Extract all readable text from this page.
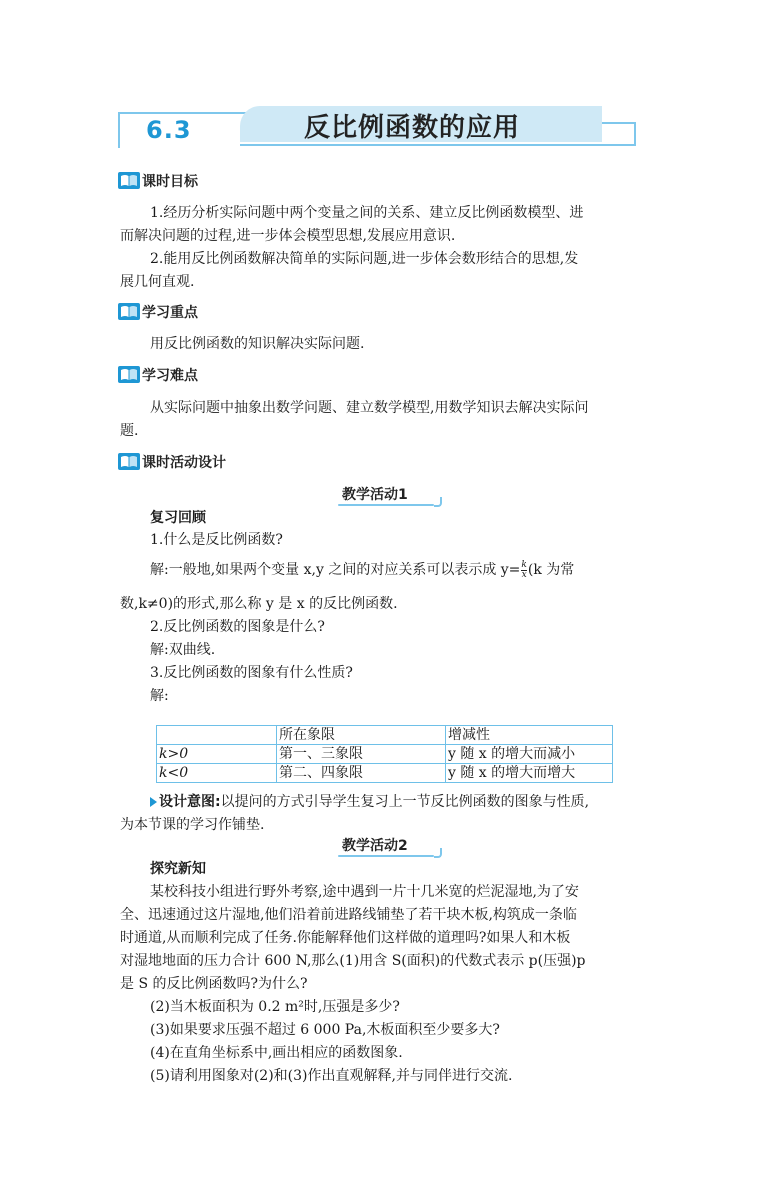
6.3	反比例函数的应用
课时目标
1.经历分析实际问题中两个变量之间的关系、建立反比例函数模型、进
而解决问题的过程,进一步体会模型思想,发展应用意识.
2.能用反比例函数解决简单的实际问题,进一步体会数形结合的思想,发
展几何直观.
学习重点
用反比例函数的知识解决实际问题.
学习难点
从实际问题中抽象出数学问题、建立数学模型,用数学知识去解决实际问
题.
课时活动设计
教学活动1
复习回顾
1.什么是反比例函数?
解:一般地,如果两个变量 x,y 之间的对应关系可以表示成 $y= \frac{k}{x} (k$ 为常
数,k≠0)的形式,那么称 y 是 x 的反比例函数.
2.反比例函数的图象是什么?
解:双曲线.
3.反比例函数的图象有什么性质?
解:
	所在象限	增减性
k>0	第一、三象限	y 随 x 的增大而减小
k<0	第二、四象限	y 随 x 的增大而增大
设计意图:以提问的方式引导学生复习上一节反比例函数的图象与性质,
为本节课的学习作铺垫.
教学活动2
探究新知
某校科技小组进行野外考察,途中遇到一片十几米宽的烂泥湿地,为了安
全、迅速通过这片湿地,他们沿着前进路线铺垫了若干块木板,构筑成一条临
时通道,从而顺利完成了任务.你能解释他们这样做的道理吗?如果人和木板
对湿地地面的压力合计 600 N,那么(1)用含 S(面积)的代数式表示 p(压强)p
是 S 的反比例函数吗?为什么?
(2)当木板面积为 0.2 m²时,压强是多少?
(3)如果要求压强不超过 6 000 Pa,木板面积至少要多大?
(4)在直角坐标系中,画出相应的函数图象.
(5)请利用图象对(2)和(3)作出直观解释,并与同伴进行交流.
